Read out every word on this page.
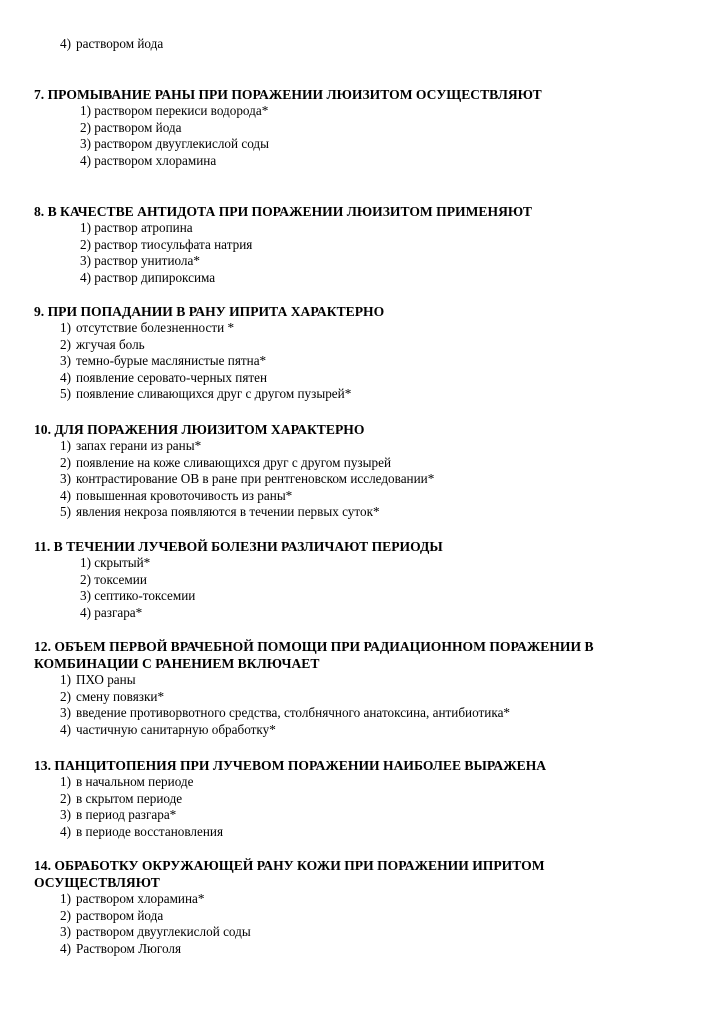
4) раствором йода

7. ПРОМЫВАНИЕ РАНЫ ПРИ ПОРАЖЕНИИ ЛЮИЗИТОМ ОСУЩЕСТВЛЯЮТ

1) раствором перекиси водорода*
2) раствором йода
3) раствором двууглекислой соды
4) раствором хлорамина

8. В КАЧЕСТВЕ АНТИДОТА ПРИ ПОРАЖЕНИИ ЛЮИЗИТОМ ПРИМЕНЯЮТ

1) раствор атропина
2) раствор тиосульфата натрия
3) раствор унитиола*
4) раствор дипироксима

9. ПРИ ПОПАДАНИИ В РАНУ ИПРИТА ХАРАКТЕРНО

1) отсутствие болезненности *
2) жгучая боль
3) темно-бурые маслянистые пятна*
4) появление серовато-черных пятен
5) появление сливающихся друг с другом пузырей*

10. ДЛЯ ПОРАЖЕНИЯ ЛЮИЗИТОМ ХАРАКТЕРНО

1) запах герани из раны*
2) появление на коже сливающихся друг с другом пузырей
3) контрастирование ОВ в ране при рентгеновском исследовании*
4) повышенная кровоточивость из раны*
5) явления некроза появляются в течении первых суток*

11. В ТЕЧЕНИИ ЛУЧЕВОЙ БОЛЕЗНИ РАЗЛИЧАЮТ ПЕРИОДЫ

1) скрытый*
2) токсемии
3) септико-токсемии
4) разгара*

12. ОБЪЕМ ПЕРВОЙ ВРАЧЕБНОЙ ПОМОЩИ ПРИ РАДИАЦИОННОМ ПОРАЖЕНИИ В
КОМБИНАЦИИ С РАНЕНИЕМ ВКЛЮЧАЕТ

1) ПХО раны
2) смену повязки*
3) введение противорвотного средства, столбнячного анатоксина, антибиотика*
4) частичную санитарную обработку*

13. ПАНЦИТОПЕНИЯ ПРИ ЛУЧЕВОМ ПОРАЖЕНИИ НАИБОЛЕЕ ВЫРАЖЕНА

1) в начальном периоде
2) в скрытом периоде
3) в период разгара*
4) в периоде восстановления

14. ОБРАБОТКУ ОКРУЖАЮЩЕЙ РАНУ КОЖИ ПРИ ПОРАЖЕНИИ ИПРИТОМ
ОСУЩЕСТВЛЯЮТ

1) раствором хлорамина*
2) раствором йода
3) раствором двууглекислой соды
4) Раствором Люголя
